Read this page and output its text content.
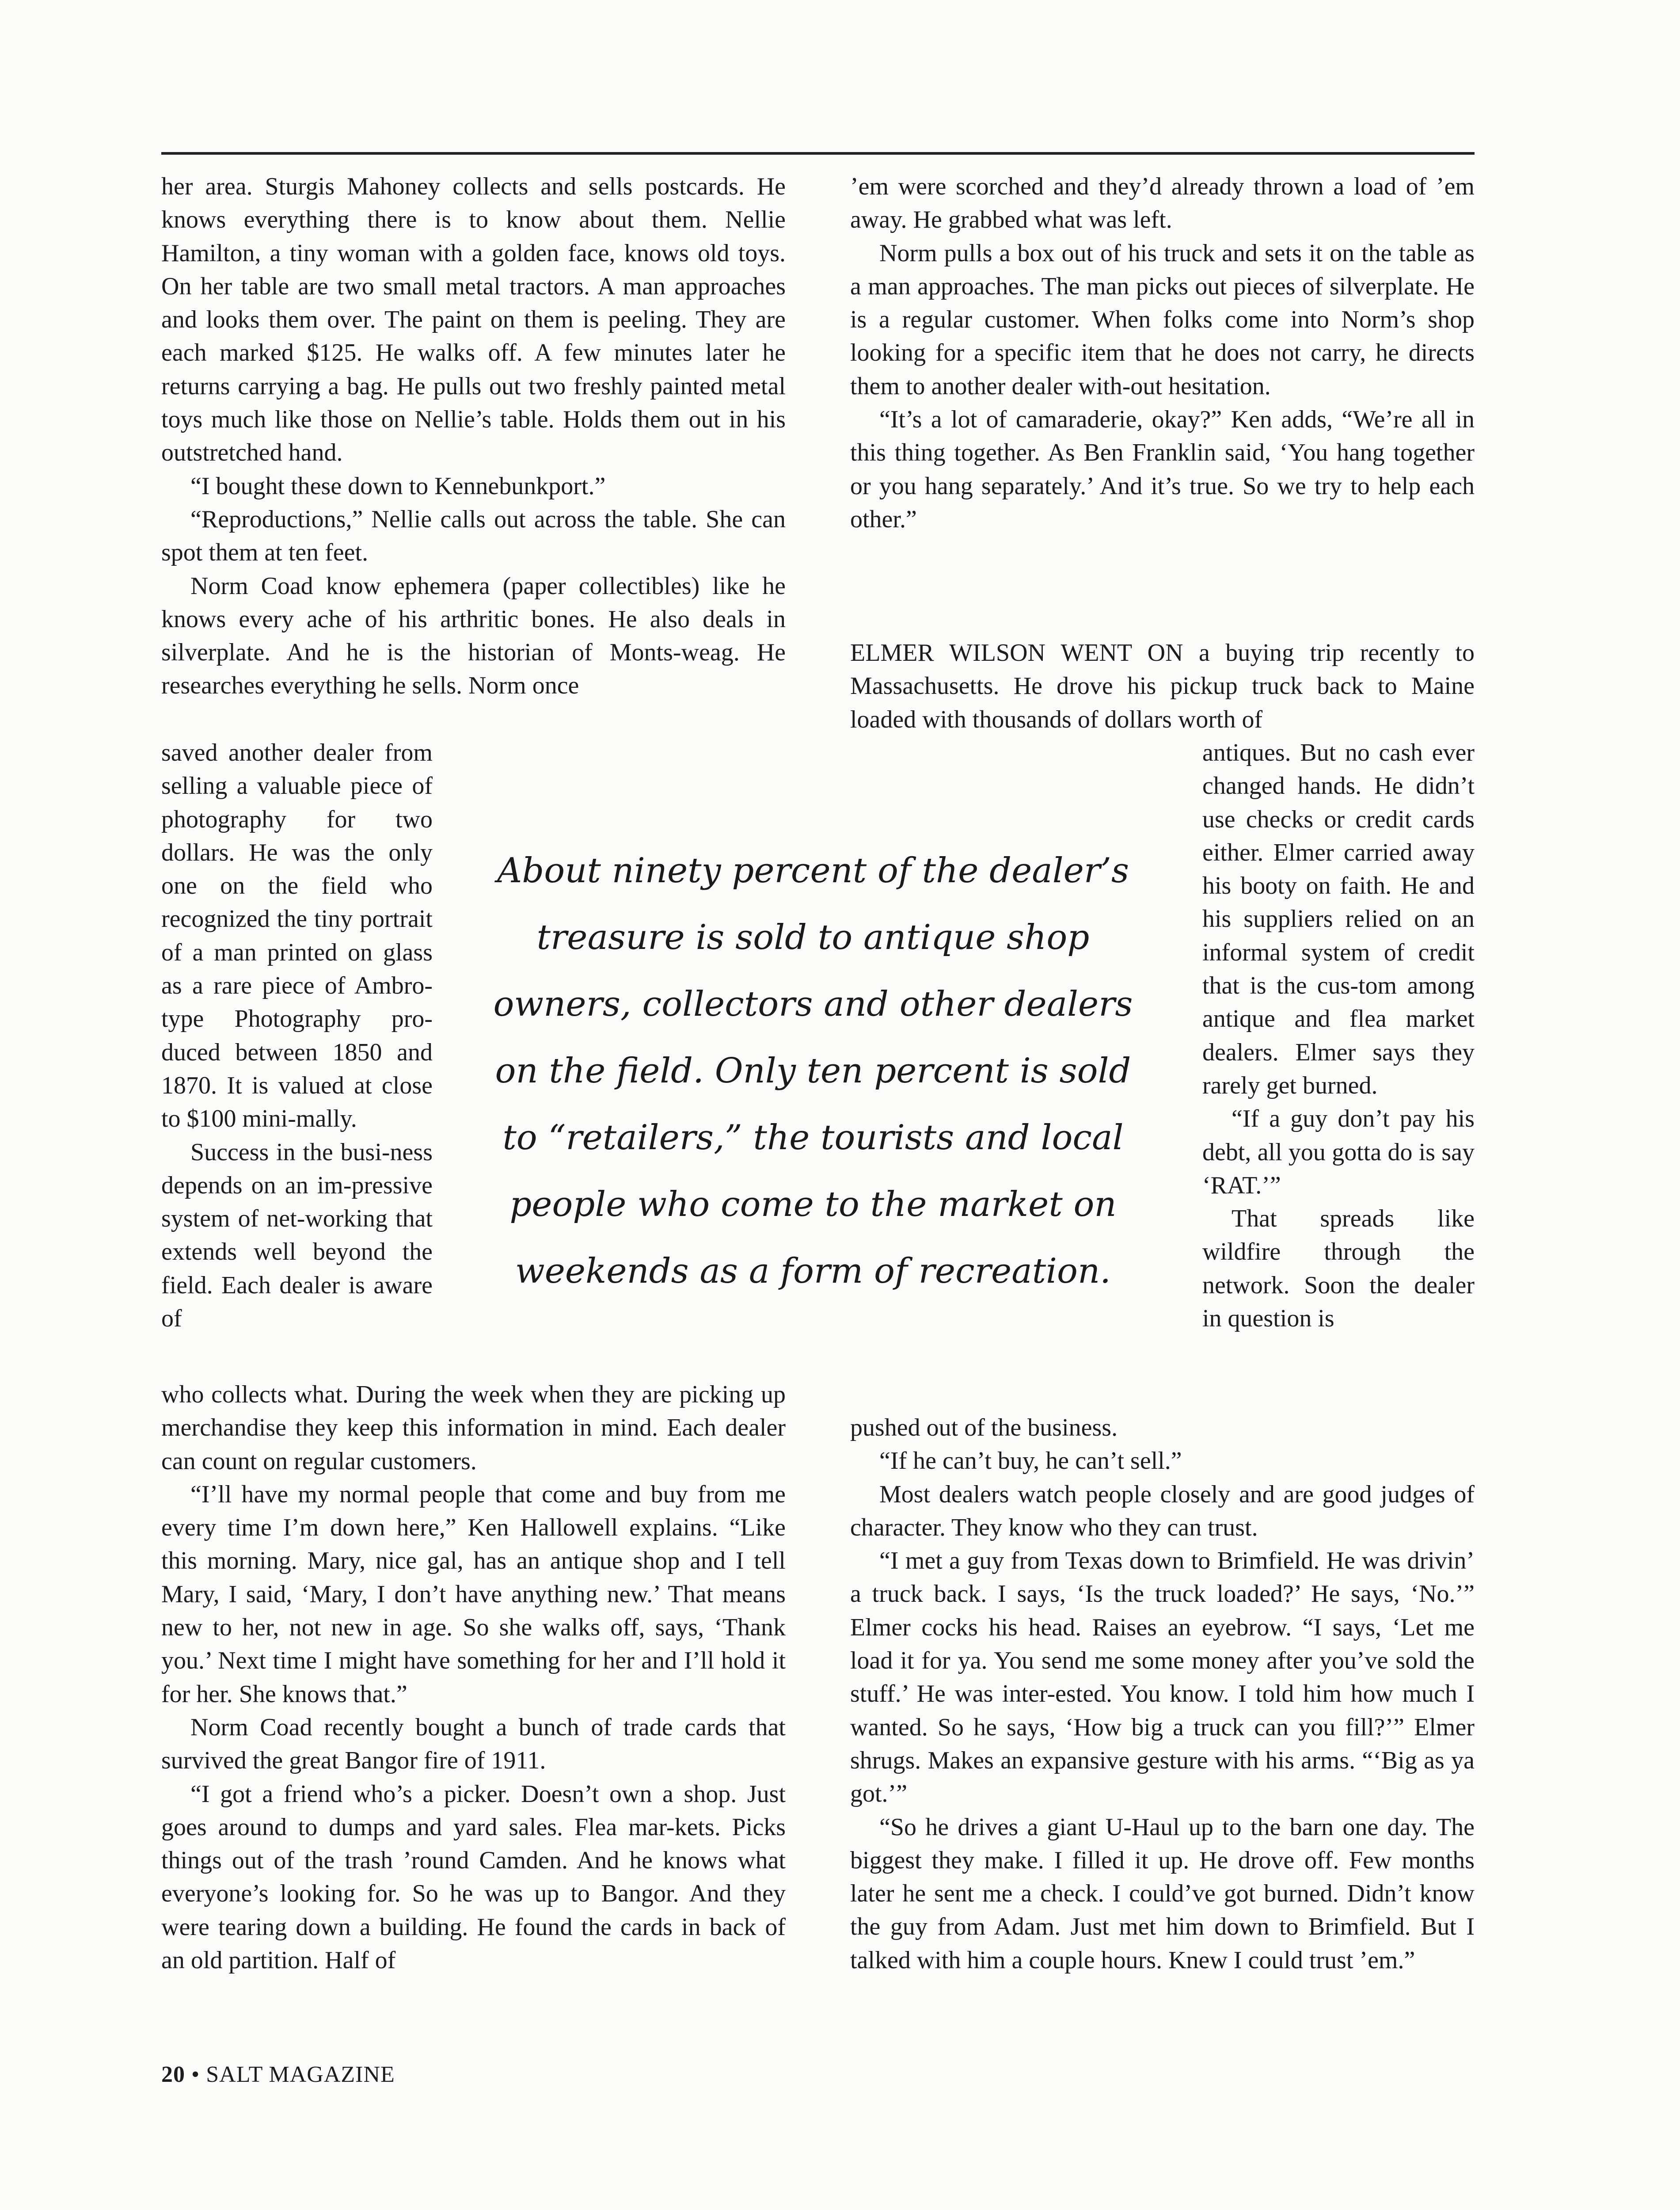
her area. Sturgis Mahoney collects and sells postcards. He knows everything there is to know about them. Nellie Hamilton, a tiny woman with a golden face, knows old toys. On her table are two small metal tractors. A man approaches and looks them over. The paint on them is peeling. They are each marked $125. He walks off. A few minutes later he returns carrying a bag. He pulls out two freshly painted metal toys much like those on Nellie’s table. Holds them out in his outstretched hand.

“I bought these down to Kennebunkport.”

“Reproductions,” Nellie calls out across the table. She can spot them at ten feet.

Norm Coad know ephemera (paper collectibles) like he knows every ache of his arthritic bones. He also deals in silverplate. And he is the historian of Monts-weag. He researches everything he sells. Norm once

saved another dealer from selling a valuable piece of photography for two dollars. He was the only one on the field who recognized the tiny portrait of a man printed on glass as a rare piece of Ambro-type Photography pro-duced between 1850 and 1870. It is valued at close to $100 mini-mally.

Success in the busi-ness depends on an im-pressive system of net-working that extends well beyond the field. Each dealer is aware of

who collects what. During the week when they are picking up merchandise they keep this information in mind. Each dealer can count on regular customers.

“I’ll have my normal people that come and buy from me every time I’m down here,” Ken Hallowell explains. “Like this morning. Mary, nice gal, has an antique shop and I tell Mary, I said, ‘Mary, I don’t have anything new.’ That means new to her, not new in age. So she walks off, says, ‘Thank you.’ Next time I might have something for her and I’ll hold it for her. She knows that.”

Norm Coad recently bought a bunch of trade cards that survived the great Bangor fire of 1911.

“I got a friend who’s a picker. Doesn’t own a shop. Just goes around to dumps and yard sales. Flea mar-kets. Picks things out of the trash ’round Camden. And he knows what everyone’s looking for. So he was up to Bangor. And they were tearing down a building. He found the cards in back of an old partition. Half of

’em were scorched and they’d already thrown a load of ’em away. He grabbed what was left.

Norm pulls a box out of his truck and sets it on the table as a man approaches. The man picks out pieces of silverplate. He is a regular customer. When folks come into Norm’s shop looking for a specific item that he does not carry, he directs them to another dealer with-out hesitation.

“It’s a lot of camaraderie, okay?” Ken adds, “We’re all in this thing together. As Ben Franklin said, ‘You hang together or you hang separately.’ And it’s true. So we try to help each other.”

ELMER WILSON WENT ON a buying trip recently to Massachusetts. He drove his pickup truck back to Maine loaded with thousands of dollars worth of

antiques. But no cash ever changed hands. He didn’t use checks or credit cards either. Elmer carried away his booty on faith. He and his suppliers relied on an informal system of credit that is the cus-tom among antique and flea market dealers. Elmer says they rarely get burned.

“If a guy don’t pay his debt, all you gotta do is say ‘RAT.’”

That spreads like wildfire through the network. Soon the dealer in question is

pushed out of the business.

“If he can’t buy, he can’t sell.”

Most dealers watch people closely and are good judges of character. They know who they can trust.

“I met a guy from Texas down to Brimfield. He was drivin’ a truck back. I says, ‘Is the truck loaded?’ He says, ‘No.’” Elmer cocks his head. Raises an eyebrow. “I says, ‘Let me load it for ya. You send me some money after you’ve sold the stuff.’ He was inter-ested. You know. I told him how much I wanted. So he says, ‘How big a truck can you fill?’” Elmer shrugs. Makes an expansive gesture with his arms. “‘Big as ya got.’”

“So he drives a giant U-Haul up to the barn one day. The biggest they make. I filled it up. He drove off. Few months later he sent me a check. I could’ve got burned. Didn’t know the guy from Adam. Just met him down to Brimfield. But I talked with him a couple hours. Knew I could trust ’em.”

About ninety percent of the dealer’s treasure is sold to antique shop owners, collectors and other dealers on the field. Only ten percent is sold to “retailers,” the tourists and local people who come to the market on weekends as a form of recreation.
20 • SALT MAGAZINE
